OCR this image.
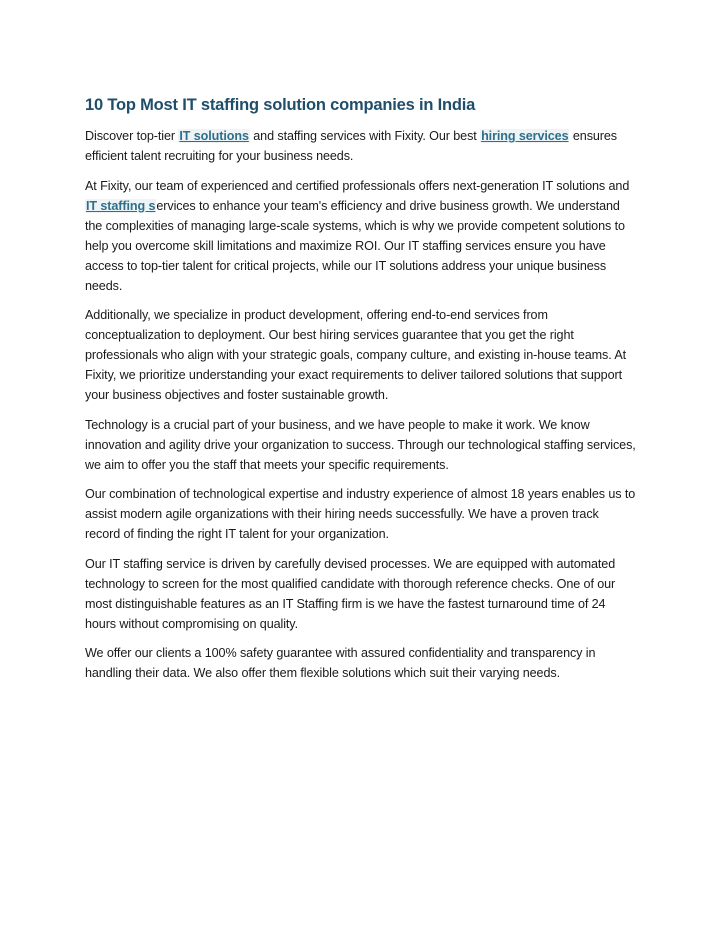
10 Top Most IT staffing solution companies in India

Discover top-tier IT solutions and staffing services with Fixity. Our best hiring services ensures efficient talent recruiting for your business needs.

At Fixity, our team of experienced and certified professionals offers next-generation IT solutions and IT staffing services to enhance your team's efficiency and drive business growth. We understand the complexities of managing large-scale systems, which is why we provide competent solutions to help you overcome skill limitations and maximize ROI. Our IT staffing services ensure you have access to top-tier talent for critical projects, while our IT solutions address your unique business needs.

Additionally, we specialize in product development, offering end-to-end services from conceptualization to deployment. Our best hiring services guarantee that you get the right professionals who align with your strategic goals, company culture, and existing in-house teams. At Fixity, we prioritize understanding your exact requirements to deliver tailored solutions that support your business objectives and foster sustainable growth.

Technology is a crucial part of your business, and we have people to make it work. We know innovation and agility drive your organization to success. Through our technological staffing services, we aim to offer you the staff that meets your specific requirements.

Our combination of technological expertise and industry experience of almost 18 years enables us to assist modern agile organizations with their hiring needs successfully. We have a proven track record of finding the right IT talent for your organization.

Our IT staffing service is driven by carefully devised processes. We are equipped with automated technology to screen for the most qualified candidate with thorough reference checks. One of our most distinguishable features as an IT Staffing firm is we have the fastest turnaround time of 24 hours without compromising on quality.

We offer our clients a 100% safety guarantee with assured confidentiality and transparency in handling their data. We also offer them flexible solutions which suit their varying needs.
